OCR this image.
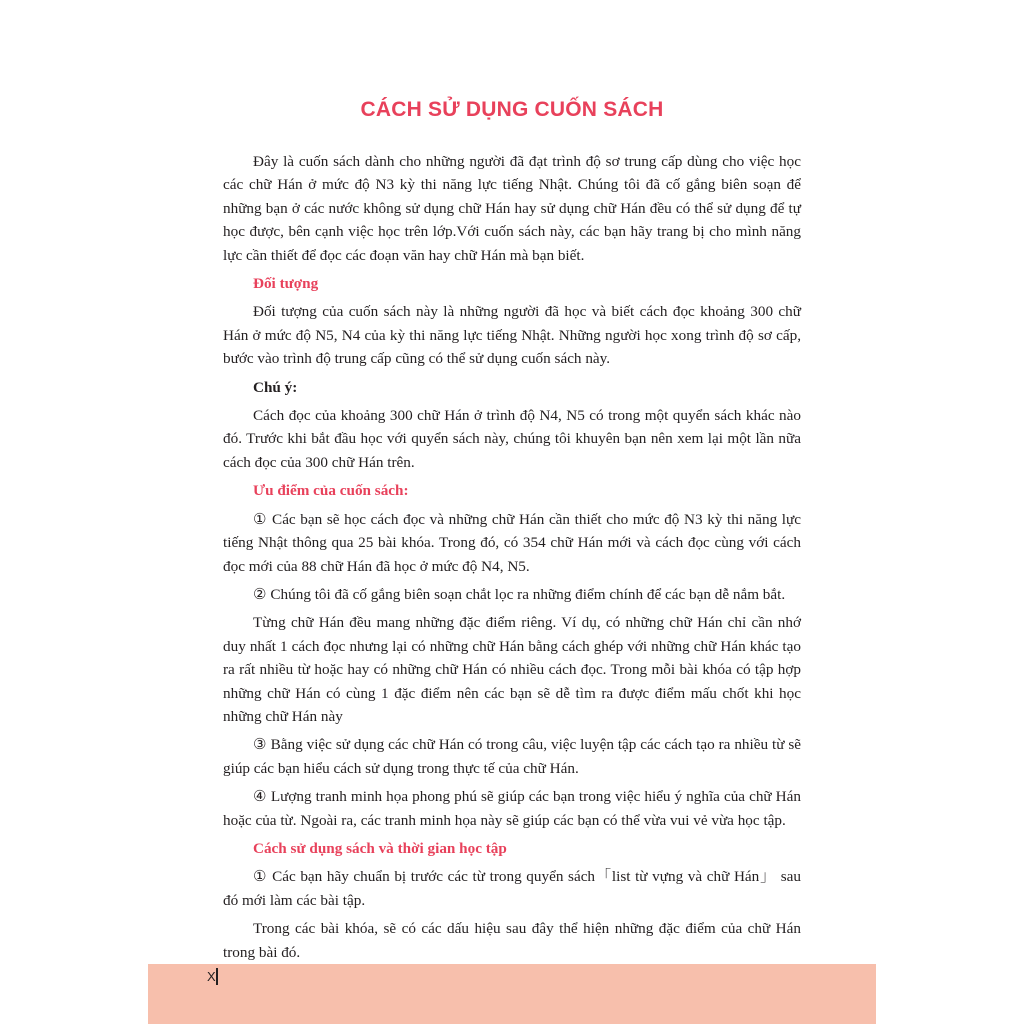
CÁCH SỬ DỤNG CUỐN SÁCH

Đây là cuốn sách dành cho những người đã đạt trình độ sơ trung cấp dùng cho việc học các chữ Hán ở mức độ N3 kỳ thi năng lực tiếng Nhật. Chúng tôi đã cố gắng biên soạn để những bạn ở các nước không sử dụng chữ Hán hay sử dụng chữ Hán đều có thể sử dụng để tự học được, bên cạnh việc học trên lớp.Với cuốn sách này, các bạn hãy trang bị cho mình năng lực cần thiết để đọc các đoạn văn hay chữ Hán mà bạn biết.

Đối tượng

Đối tượng của cuốn sách này là những người đã học và biết cách đọc khoảng 300 chữ Hán ở mức độ N5, N4 của kỳ thi năng lực tiếng Nhật. Những người học xong trình độ sơ cấp, bước vào trình độ trung cấp cũng có thể sử dụng cuốn sách này.

Chú ý:

Cách đọc của khoảng 300 chữ Hán ở trình độ N4, N5 có trong một quyển sách khác nào đó. Trước khi bắt đầu học với quyển sách này, chúng tôi khuyên bạn nên xem lại một lần nữa cách đọc của 300 chữ Hán trên.

Ưu điểm của cuốn sách:

① Các bạn sẽ học cách đọc và những chữ Hán cần thiết cho mức độ N3 kỳ thi năng lực tiếng Nhật thông qua 25 bài khóa. Trong đó, có 354 chữ Hán mới và cách đọc cùng với cách đọc mới của 88 chữ Hán đã học ở mức độ N4, N5.

② Chúng tôi đã cố gắng biên soạn chắt lọc ra những điểm chính để các bạn dễ nắm bắt.

Từng chữ Hán đều mang những đặc điểm riêng. Ví dụ, có những chữ Hán chỉ cần nhớ duy nhất 1 cách đọc nhưng lại có những chữ Hán bằng cách ghép với những chữ Hán khác tạo ra rất nhiều từ hoặc hay có những chữ Hán có nhiều cách đọc. Trong mỗi bài khóa có tập hợp những chữ Hán có cùng 1 đặc điểm nên các bạn sẽ dễ tìm ra được điểm mấu chốt khi học những chữ Hán này

③ Bằng việc sử dụng các chữ Hán có trong câu, việc luyện tập các cách tạo ra nhiều từ sẽ giúp các bạn hiểu cách sử dụng trong thực tế của chữ Hán.

④ Lượng tranh minh họa phong phú sẽ giúp các bạn trong việc hiểu ý nghĩa của chữ Hán hoặc của từ. Ngoài ra, các tranh minh họa này sẽ giúp các bạn có thể vừa vui vẻ vừa học tập.

Cách sử dụng sách và thời gian học tập

① Các bạn hãy chuẩn bị trước các từ trong quyển sách「list từ vựng và chữ Hán」 sau đó mới làm các bài tập.

Trong các bài khóa, sẽ có các dấu hiệu sau đây thể hiện những đặc điểm của chữ Hán trong bài đó.

X
